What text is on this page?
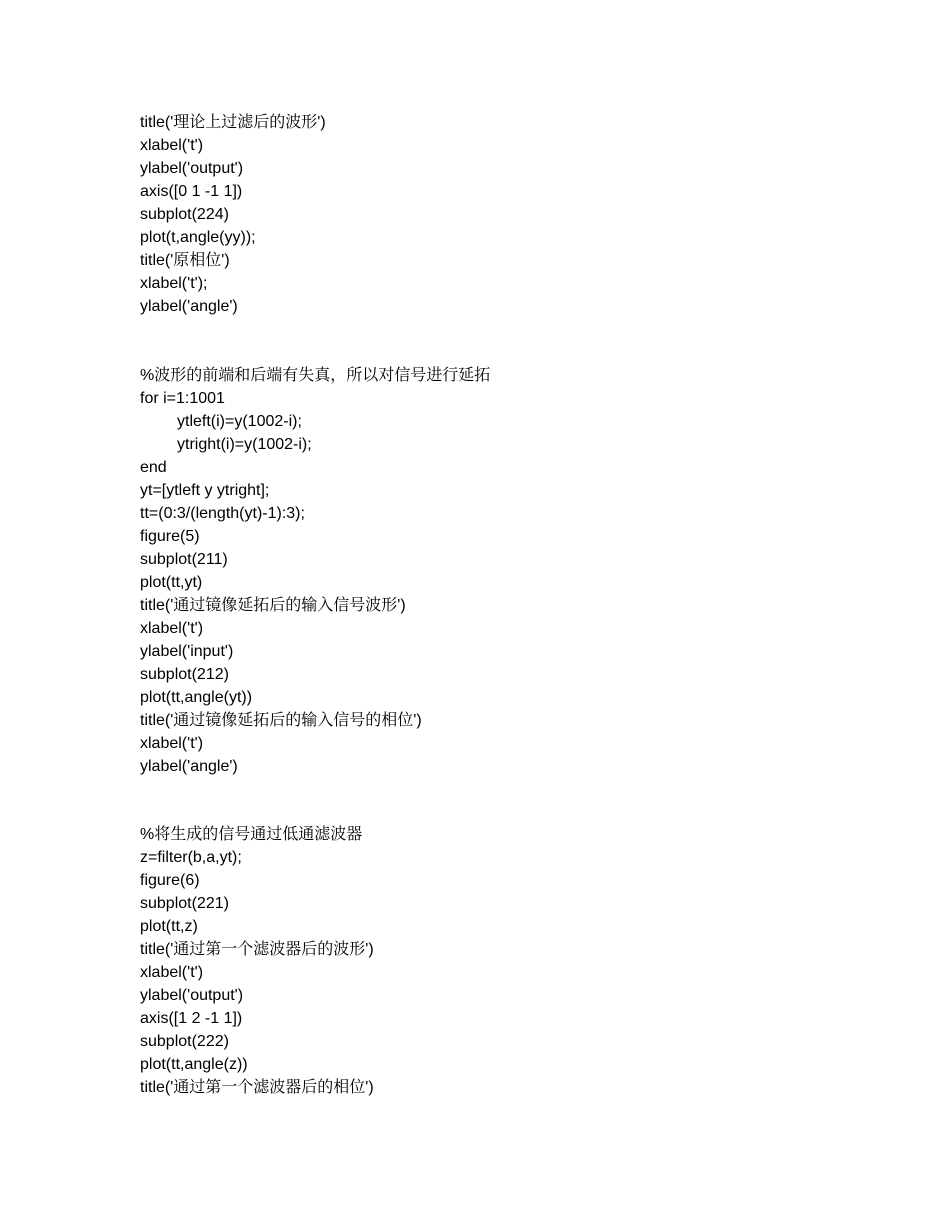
title('理论上过滤后的波形')
xlabel('t')
ylabel('output')
axis([0 1 -1 1])
subplot(224)
plot(t,angle(yy));
title('原相位')
xlabel('t');
ylabel('angle')
%波形的前端和后端有失真，所以对信号进行延拓
for i=1:1001
ytleft(i)=y(1002-i);
ytright(i)=y(1002-i);
end
yt=[ytleft y ytright];
tt=(0:3/(length(yt)-1):3);
figure(5)
subplot(211)
plot(tt,yt)
title('通过镜像延拓后的输入信号波形')
xlabel('t')
ylabel('input')
subplot(212)
plot(tt,angle(yt))
title('通过镜像延拓后的输入信号的相位')
xlabel('t')
ylabel('angle')
%将生成的信号通过低通滤波器
z=filter(b,a,yt);
figure(6)
subplot(221)
plot(tt,z)
title('通过第一个滤波器后的波形')
xlabel('t')
ylabel('output')
axis([1 2 -1 1])
subplot(222)
plot(tt,angle(z))
title('通过第一个滤波器后的相位')
